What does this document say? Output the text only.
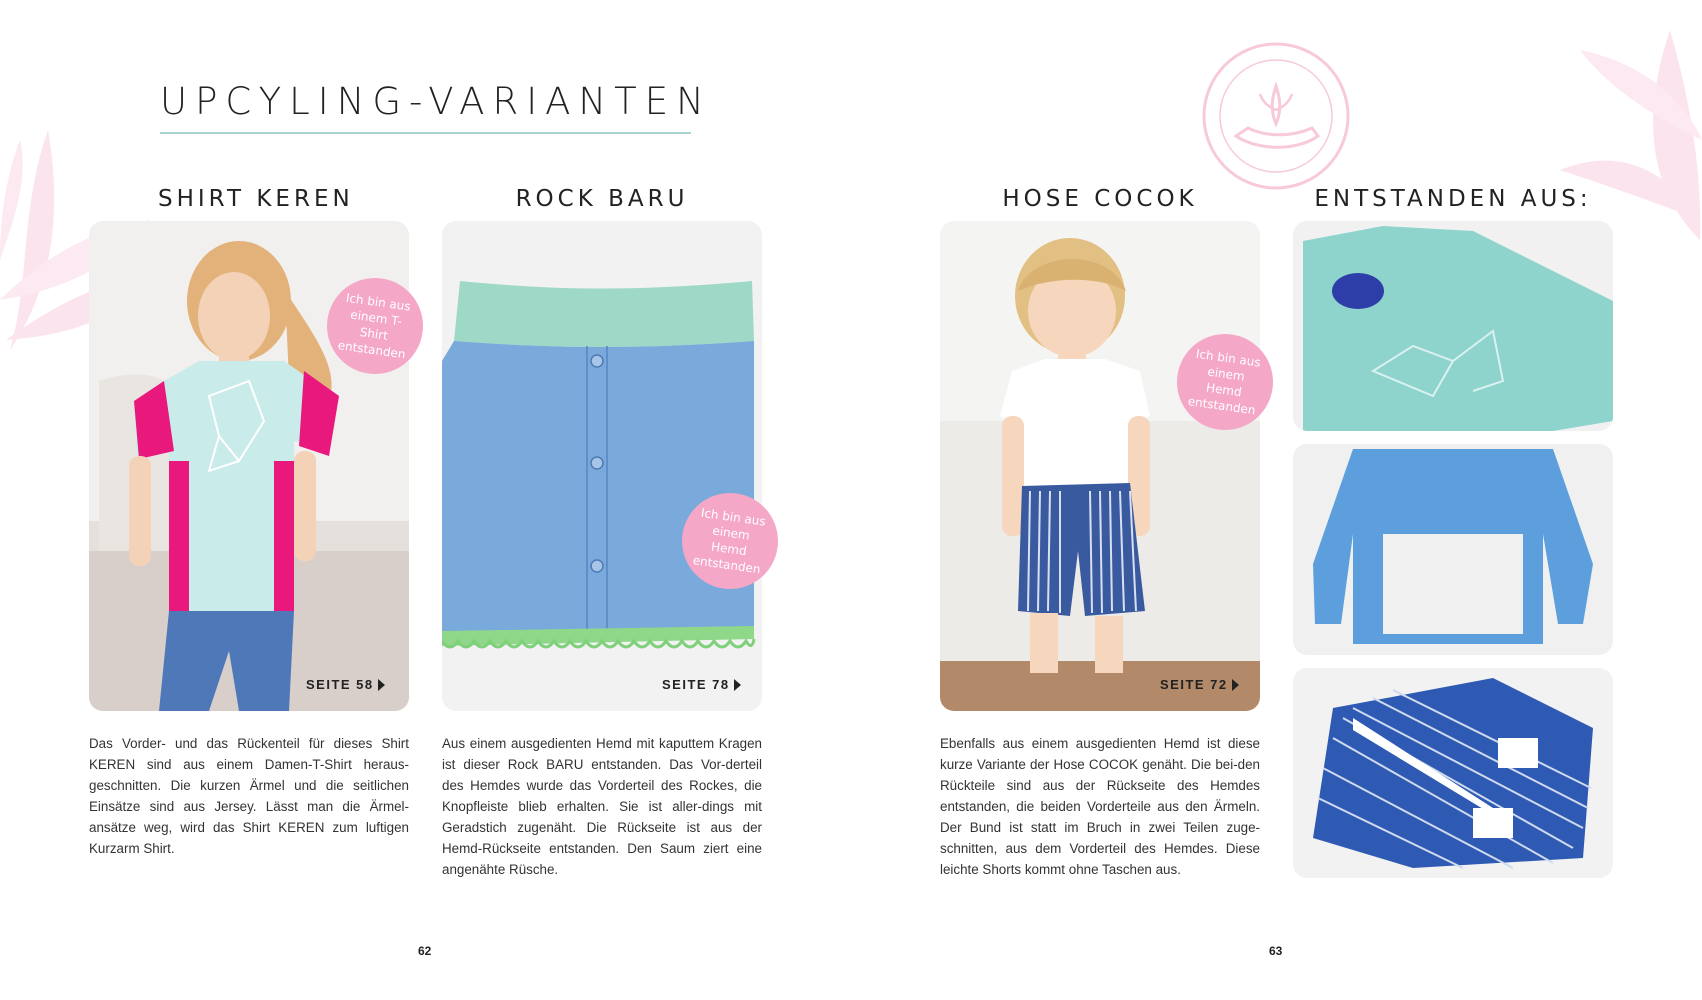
UPCYLING-VARIANTEN
SHIRT KEREN	ROCK BARU	HOSE COCOK	ENTSTANDEN AUS:
Ich bin aus einem T-Shirt entstanden
Ich bin aus einem Hemd entstanden
Ich bin aus einem Hemd entstanden
SEITE 58	SEITE 78	SEITE 72
Das Vorder- und das Rückenteil für dieses Shirt KEREN sind aus einem Damen-T-Shirt heraus-geschnitten. Die kurzen Ärmel und die seitlichen Einsätze sind aus Jersey. Lässt man die Ärmel-ansätze weg, wird das Shirt KEREN zum luftigen Kurzarm Shirt.
Aus einem ausgedienten Hemd mit kaputtem Kragen ist dieser Rock BARU entstanden. Das Vor-derteil des Hemdes wurde das Vorderteil des Rockes, die Knopfleiste blieb erhalten. Sie ist aller-dings mit Geradstich zugenäht. Die Rückseite ist aus der Hemd-Rückseite entstanden. Den Saum ziert eine angenähte Rüsche.
Ebenfalls aus einem ausgedienten Hemd ist diese kurze Variante der Hose COCOK genäht. Die bei-den Rückteile sind aus der Rückseite des Hemdes entstanden, die beiden Vorderteile aus den Ärmeln. Der Bund ist statt im Bruch in zwei Teilen zuge-schnitten, aus dem Vorderteil des Hemdes. Diese leichte Shorts kommt ohne Taschen aus.
62	63
